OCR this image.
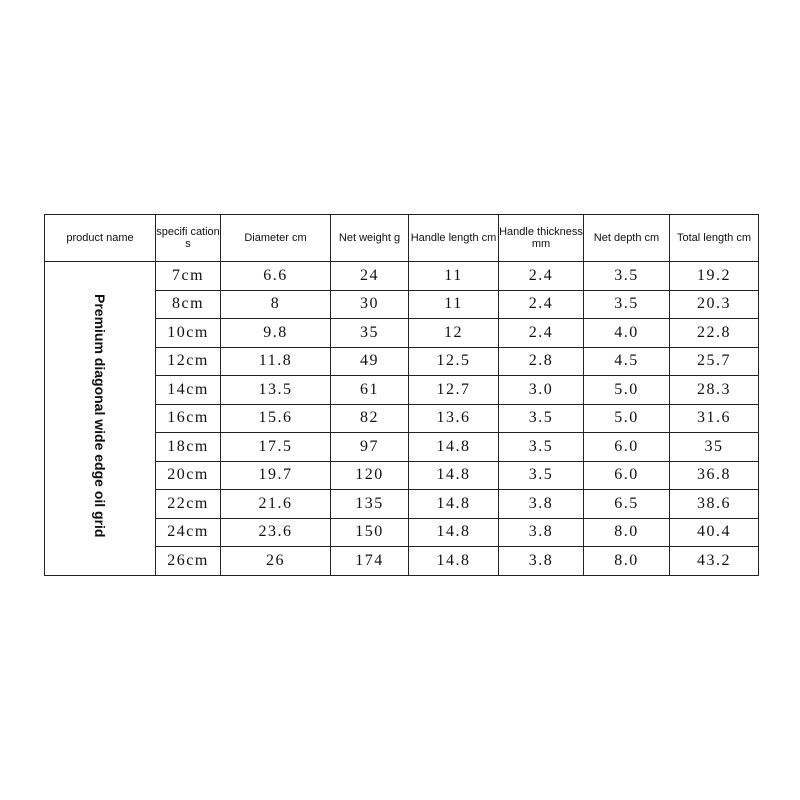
product name	specifi cations	Diameter cm	Net weight g	Handle length cm	Handle thickness mm	Net depth cm	Total length cm
Premium diagonal wide edge oil grid	7cm	6.6	24	11	2.4	3.5	19.2
	8cm	8	30	11	2.4	3.5	20.3
	10cm	9.8	35	12	2.4	4.0	22.8
	12cm	11.8	49	12.5	2.8	4.5	25.7
	14cm	13.5	61	12.7	3.0	5.0	28.3
	16cm	15.6	82	13.6	3.5	5.0	31.6
	18cm	17.5	97	14.8	3.5	6.0	35
	20cm	19.7	120	14.8	3.5	6.0	36.8
	22cm	21.6	135	14.8	3.8	6.5	38.6
	24cm	23.6	150	14.8	3.8	8.0	40.4
	26cm	26	174	14.8	3.8	8.0	43.2
